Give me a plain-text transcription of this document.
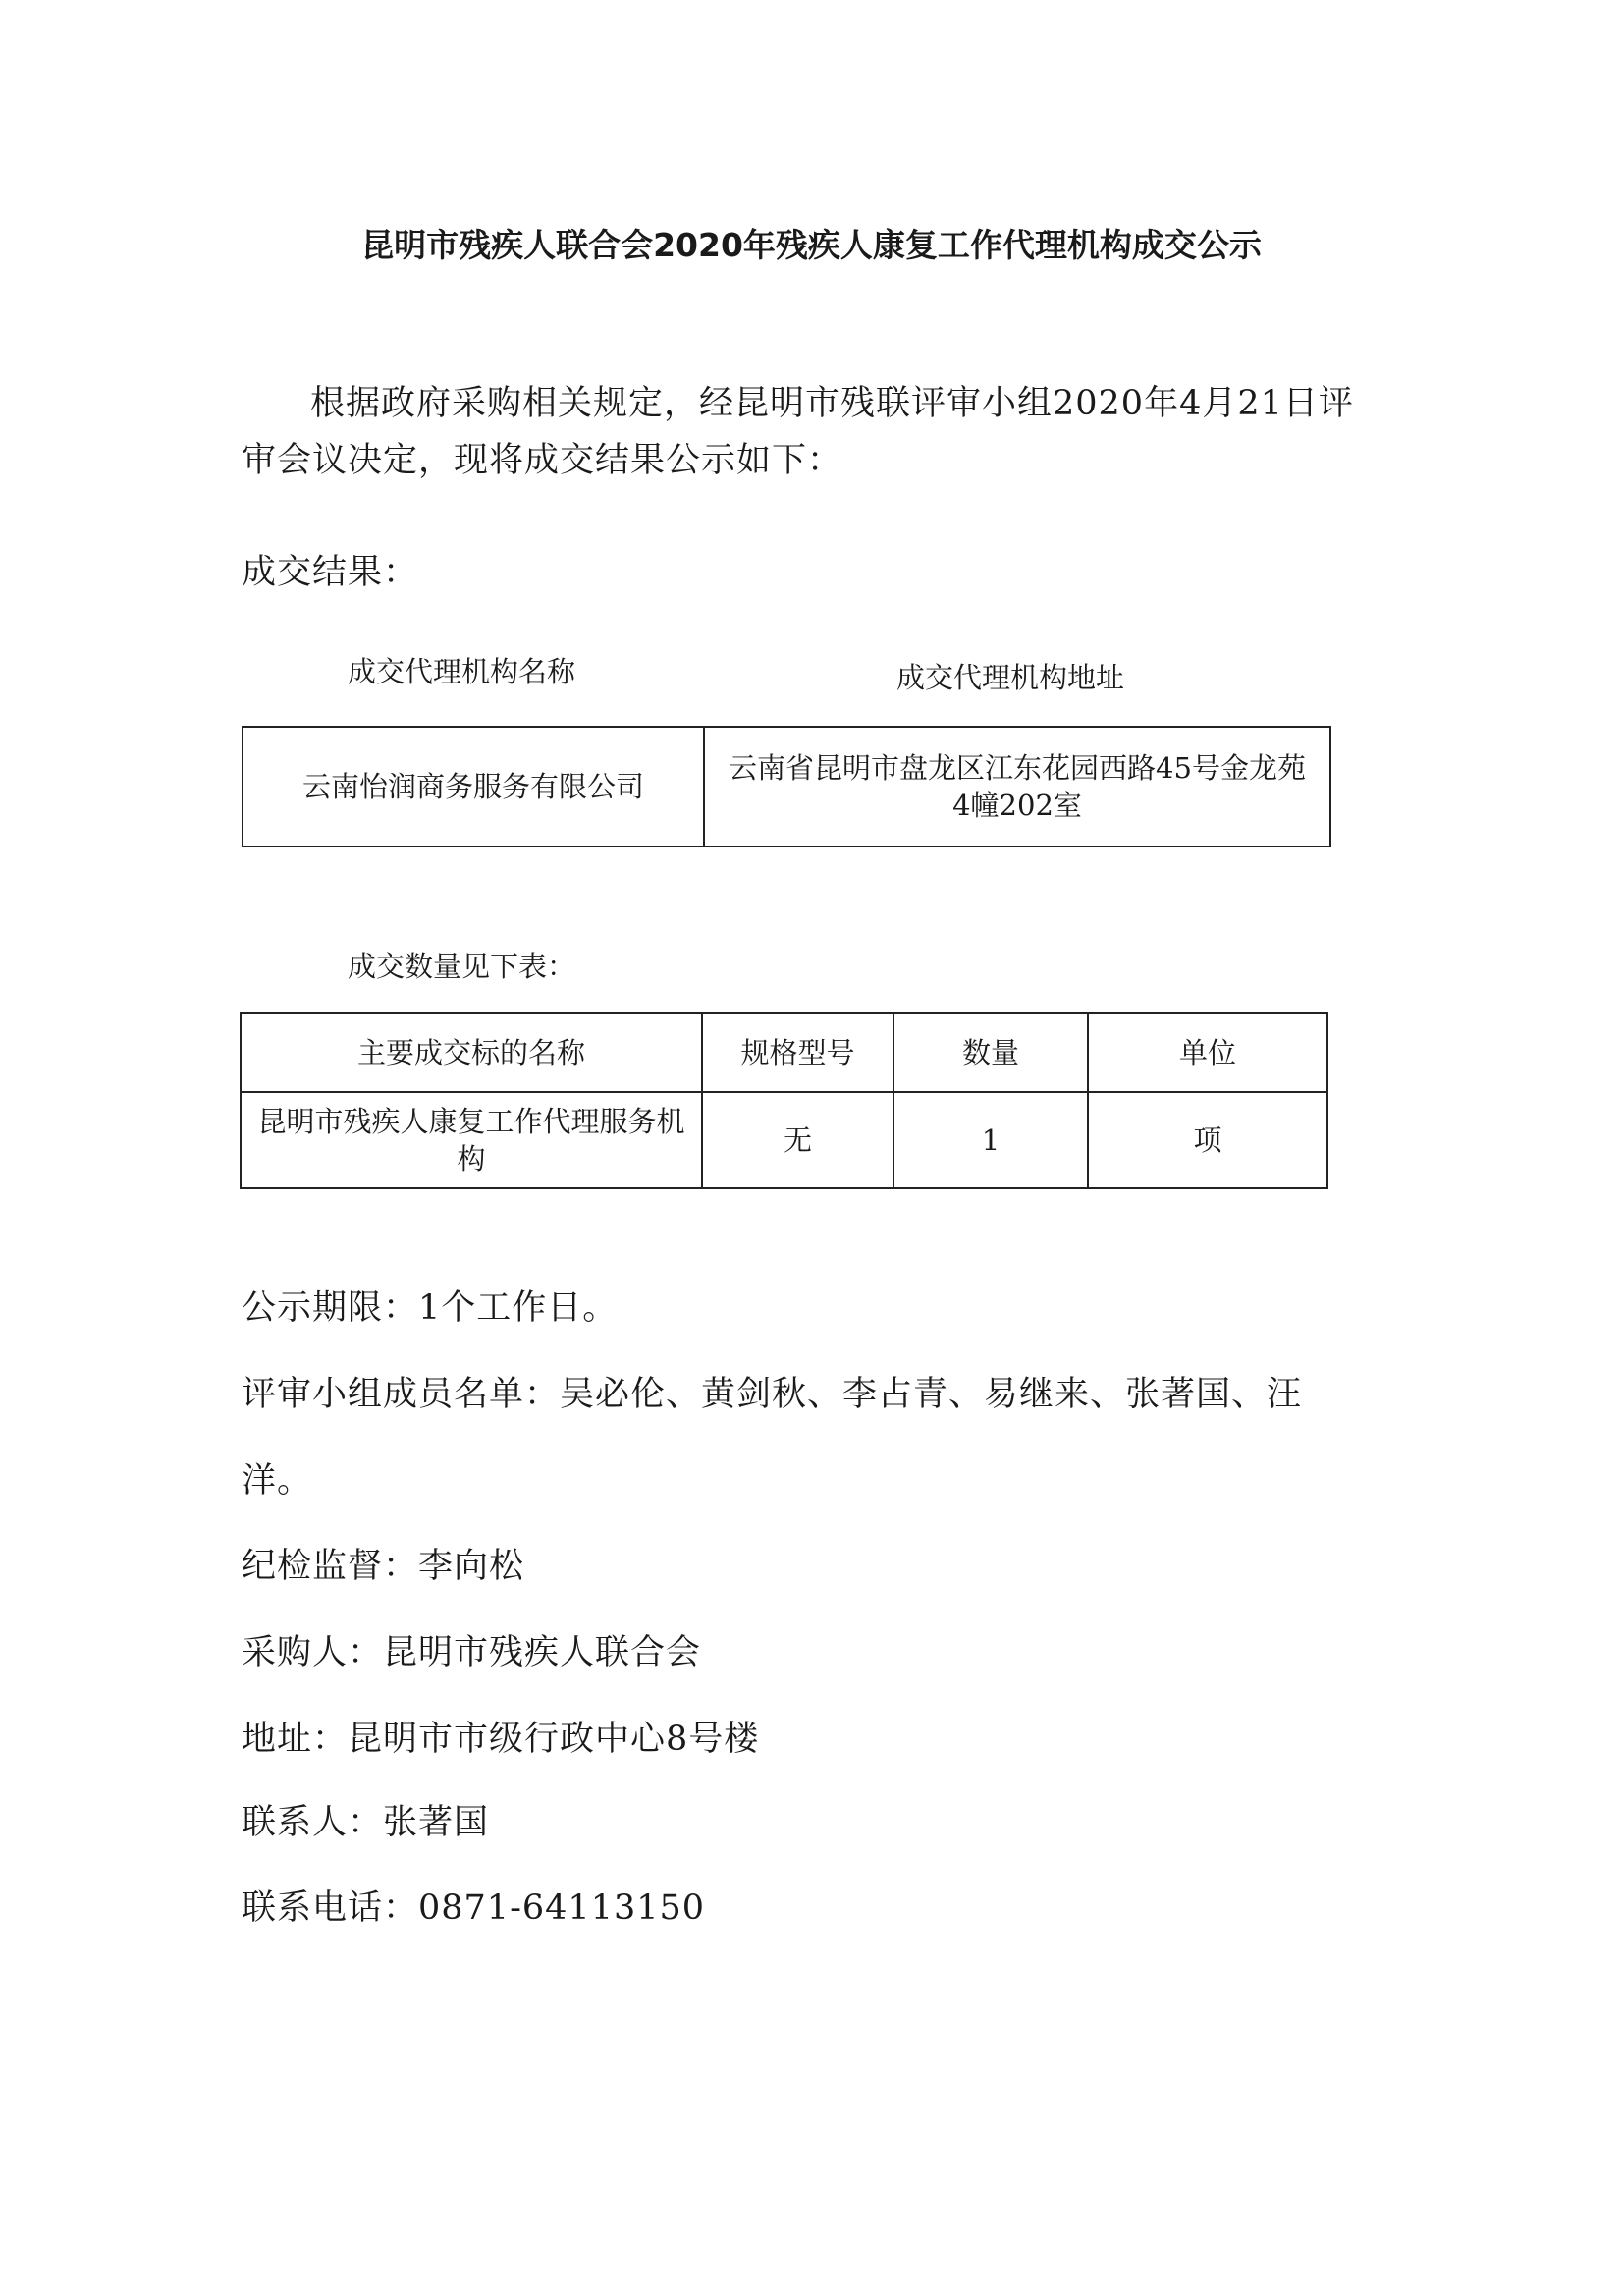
昆明市残疾人联合会2020年残疾人康复工作代理机构成交公示
根据政府采购相关规定，经昆明市残联评审小组2020年4月21日评审会议决定，现将成交结果公示如下：
成交结果：
成交代理机构名称	成交代理机构地址
云南怡润商务服务有限公司	云南省昆明市盘龙区江东花园西路45号金龙苑
4幢202室
成交数量见下表：
主要成交标的名称	规格型号	数量	单位
昆明市残疾人康复工作代理服务机
构	无	1	项
公示期限：1个工作日。
评审小组成员名单：吴必伦、黄剑秋、李占青、易继来、张著国、汪
洋。
纪检监督：李向松
采购人：昆明市残疾人联合会
地址：昆明市市级行政中心8号楼
联系人：张著国
联系电话：0871-64113150
